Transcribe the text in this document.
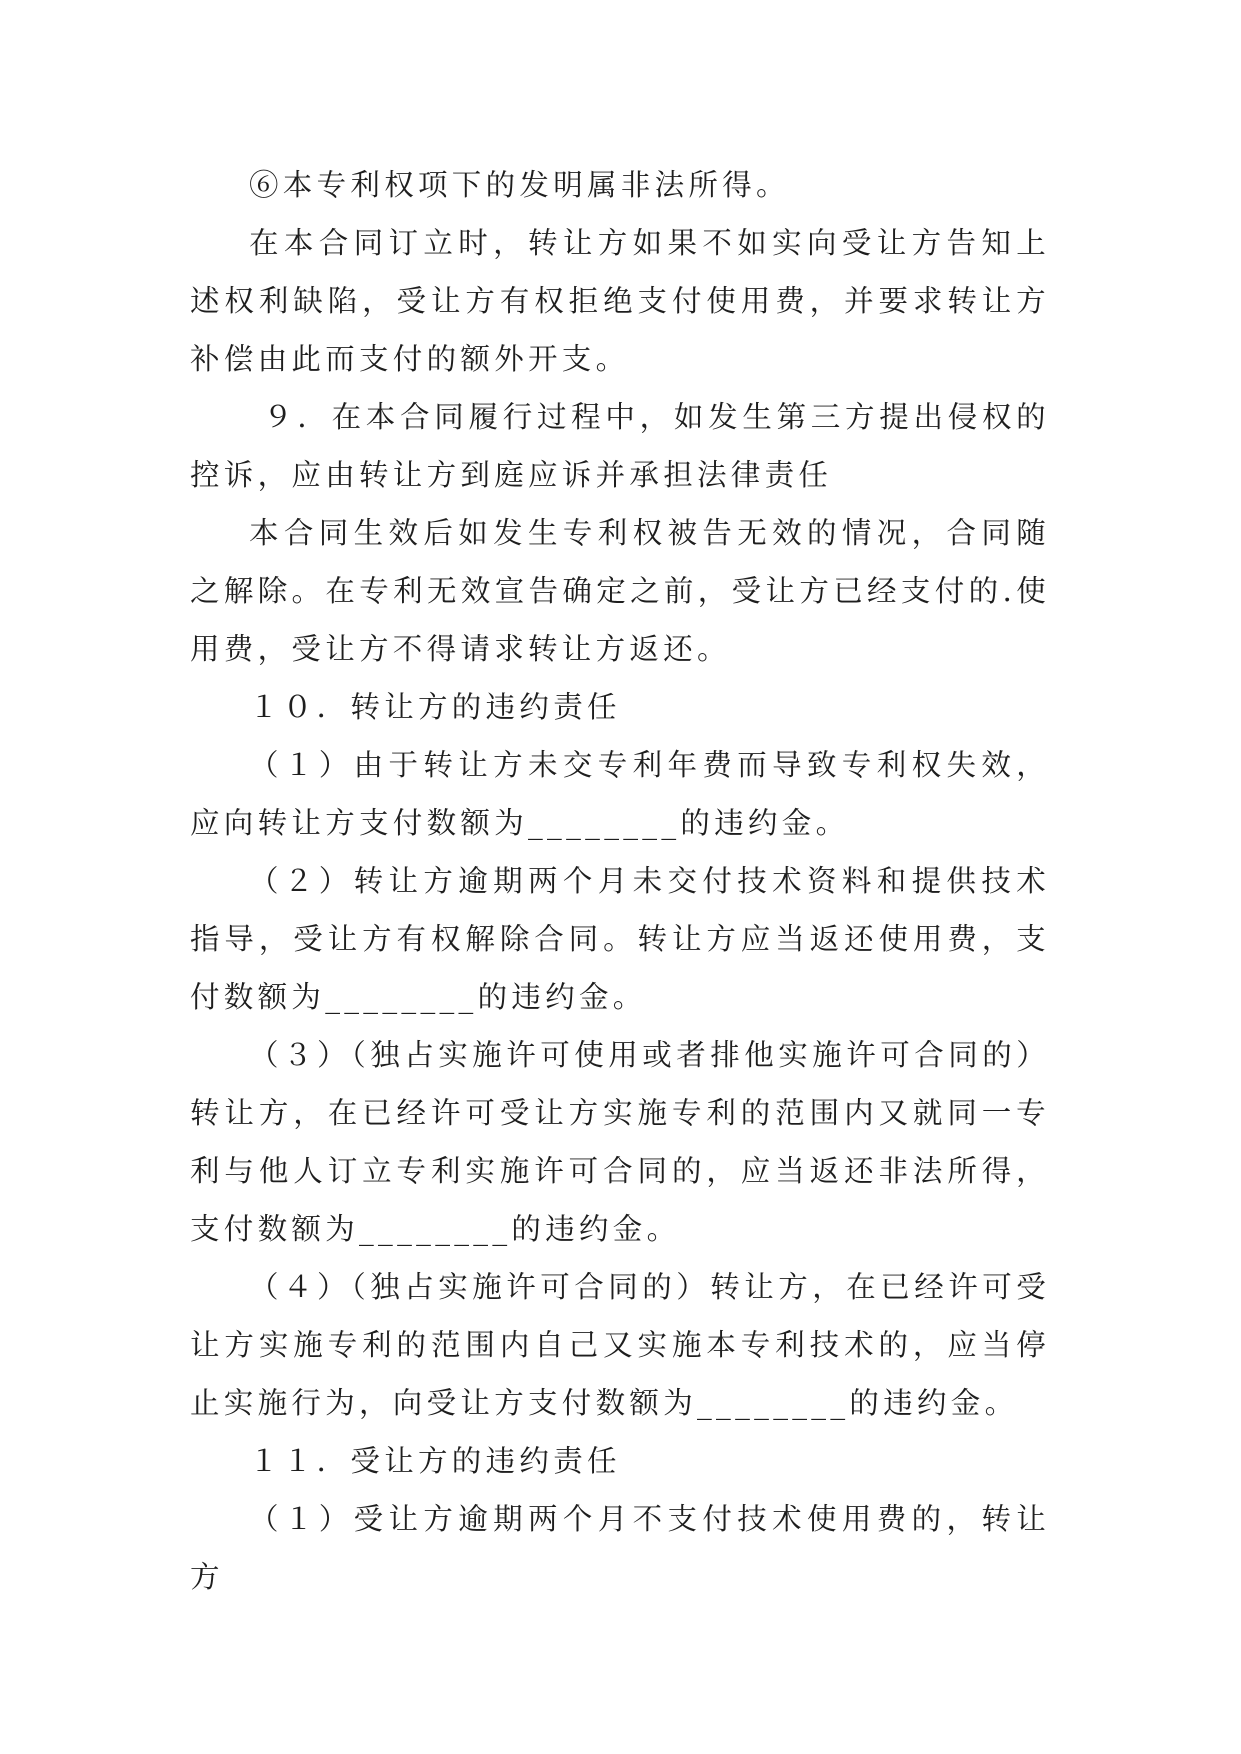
⑥本专利权项下的发明属非法所得。

在本合同订立时，转让方如果不如实向受让方告知上述权利缺陷，受让方有权拒绝支付使用费，并要求转让方补偿由此而支付的额外开支。

９．在本合同履行过程中，如发生第三方提出侵权的控诉，应由转让方到庭应诉并承担法律责任

本合同生效后如发生专利权被告无效的情况，合同随之解除。在专利无效宣告确定之前，受让方已经支付的.使用费，受让方不得请求转让方返还。

１０．转让方的违约责任

（１）由于转让方未交专利年费而导致专利权失效，应向转让方支付数额为________的违约金。

（２）转让方逾期两个月未交付技术资料和提供技术指导，受让方有权解除合同。转让方应当返还使用费，支付数额为________的违约金。

（３）（独占实施许可使用或者排他实施许可合同的）转让方，在已经许可受让方实施专利的范围内又就同一专利与他人订立专利实施许可合同的，应当返还非法所得，支付数额为________的违约金。

（４）（独占实施许可合同的）转让方，在已经许可受让方实施专利的范围内自己又实施本专利技术的，应当停止实施行为，向受让方支付数额为________的违约金。

１１．受让方的违约责任

（１）受让方逾期两个月不支付技术使用费的，转让方
